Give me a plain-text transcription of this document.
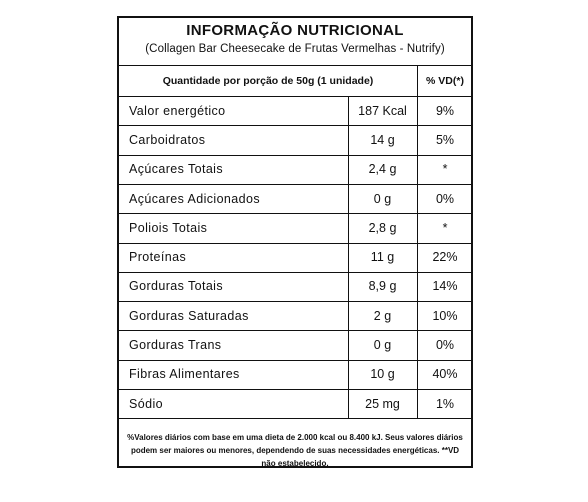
INFORMAÇÃO NUTRICIONAL
(Collagen Bar Cheesecake de Frutas Vermelhas - Nutrify)
Quantidade por porção de 50g (1 unidade)	% VD(*)
Valor energético	187 Kcal	9%
Carboidratos	14 g	5%
Açúcares Totais	2,4 g	*
Açúcares Adicionados	0 g	0%
Poliois Totais	2,8 g	*
Proteínas	11 g	22%
Gorduras Totais	8,9 g	14%
Gorduras Saturadas	2 g	10%
Gorduras Trans	0 g	0%
Fibras Alimentares	10 g	40%
Sódio	25 mg	1%
%Valores diários com base em uma dieta de 2.000 kcal ou 8.400 kJ. Seus valores diários podem ser maiores ou menores, dependendo de suas necessidades energéticas. **VD não estabelecido.
